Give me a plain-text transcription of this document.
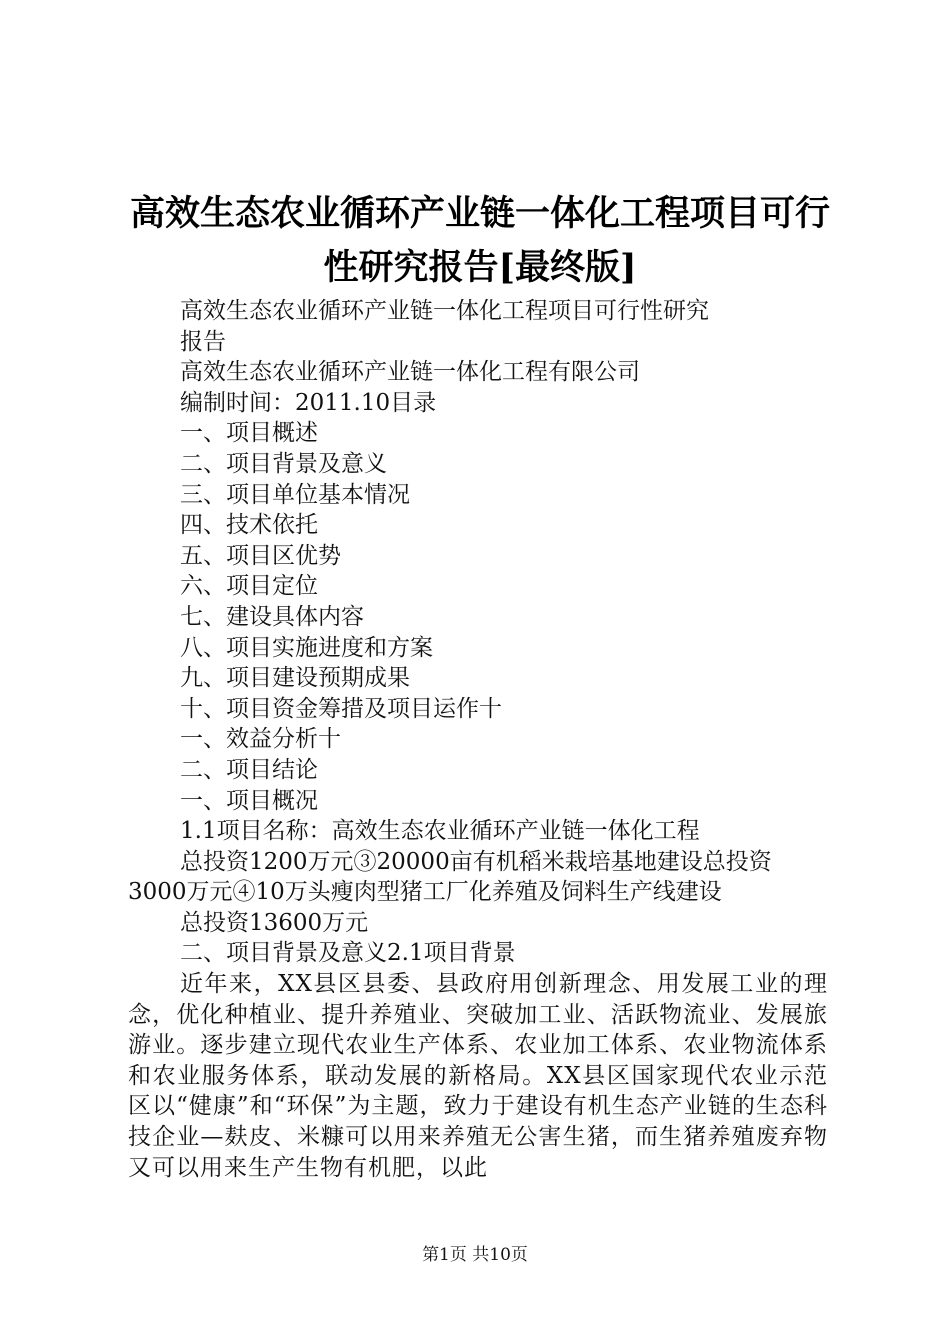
高效生态农业循环产业链一体化工程项目可行
性研究报告[最终版]
高效生态农业循环产业链一体化工程项目可行性研究
报告
高效生态农业循环产业链一体化工程有限公司
编制时间：2011.10目录
一、项目概述
二、项目背景及意义
三、项目单位基本情况
四、技术依托
五、项目区优势
六、项目定位
七、建设具体内容
八、项目实施进度和方案
九、项目建设预期成果
十、项目资金筹措及项目运作十
一、效益分析十
二、项目结论
一、项目概况
1.1项目名称：高效生态农业循环产业链一体化工程
总投资1200万元③20000亩有机稻米栽培基地建设总投资
3000万元④10万头瘦肉型猪工厂化养殖及饲料生产线建设
总投资13600万元
二、项目背景及意义2.1项目背景
近年来，XX县区县委、县政府用创新理念、用发展工业的理念，优化种植业、提升养殖业、突破加工业、活跃物流业、发展旅游业。逐步建立现代农业生产体系、农业加工体系、农业物流体系和农业服务体系，联动发展的新格局。XX县区国家现代农业示范区以“健康”和“环保”为主题，致力于建设有机生态产业链的生态科技企业—麸皮、米糠可以用来养殖无公害生猪，而生猪养殖废弃物又可以用来生产生物有机肥，以此
第1页 共10页
